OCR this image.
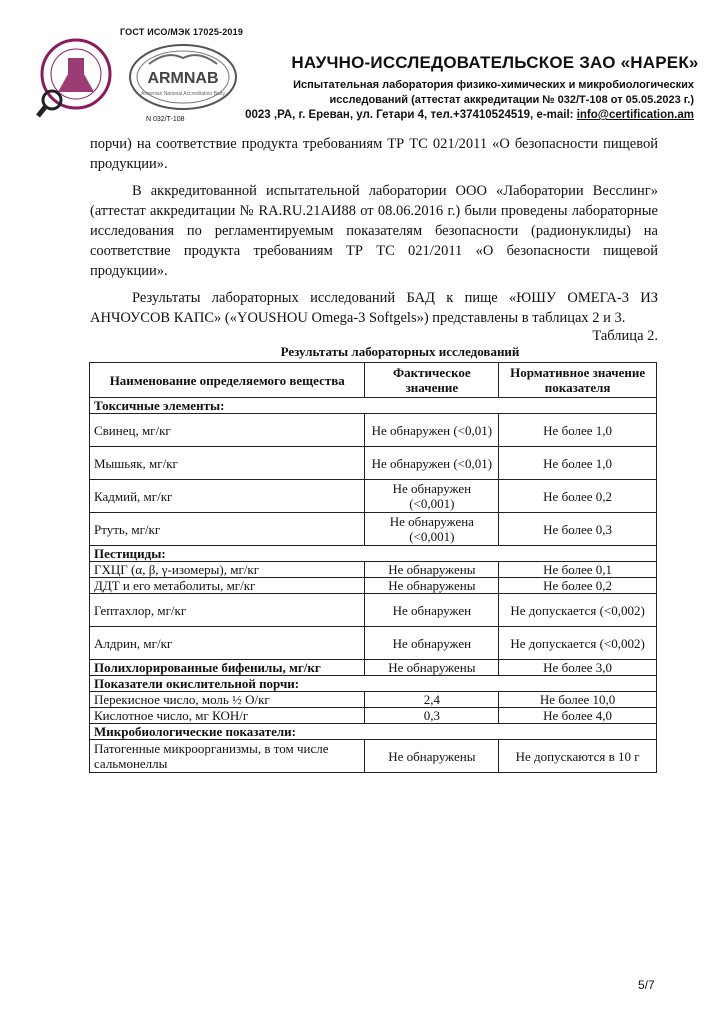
ГОСТ ИСО/МЭК 17025-2019
ARMNAB
Armenian National Accreditation Body
N 032/T-108
НАУЧНО-ИССЛЕДОВАТЕЛЬСКОЕ ЗАО «НАРЕК»
Испытательная лаборатория физико-химических и микробиологических
исследований (аттестат аккредитации № 032/Т-108 от 05.05.2023 г.)
0023 ,РА, г. Ереван, ул. Гетари 4, тел.+37410524519, e-mail: info@certification.am

порчи) на соответствие продукта требованиям ТР ТС 021/2011 «О безопасности пищевой продукции».

В аккредитованной испытательной лаборатории ООО «Лаборатории Весслинг» (аттестат аккредитации № RA.RU.21АИ88 от 08.06.2016 г.) были проведены лабораторные исследования по регламентируемым показателям безопасности (радионуклиды) на соответствие продукта требованиям ТР ТС 021/2011 «О безопасности пищевой продукции».

Результаты лабораторных исследований БАД к пище «ЮШУ ОМЕГА-3 ИЗ АНЧОУСОВ КАПС» («YOUSHOU Omega-3 Softgels») представлены в таблицах 2 и 3.

Таблица 2.
Результаты лабораторных исследований
Наименование определяемого вещества	Фактическое значение	Нормативное значение показателя
Токсичные элементы:		
Свинец, мг/кг	Не обнаружен (<0,01)	Не более 1,0
Мышьяк, мг/кг	Не обнаружен (<0,01)	Не более 1,0
Кадмий, мг/кг	Не обнаружен (<0,001)	Не более 0,2
Ртуть, мг/кг	Не обнаружена (<0,001)	Не более 0,3
Пестициды:		
ГХЦГ (α, β, γ-изомеры), мг/кг	Не обнаружены	Не более 0,1
ДДТ и его метаболиты, мг/кг	Не обнаружены	Не более 0,2
Гептахлор, мг/кг	Не обнаружен	Не допускается (<0,002)
Алдрин, мг/кг	Не обнаружен	Не допускается (<0,002)
Полихлорированные бифенилы, мг/кг	Не обнаружены	Не более 3,0
Показатели окислительной порчи:		
Перекисное число, моль ½ О/кг	2,4	Не более 10,0
Кислотное число, мг КОН/г	0,3	Не более 4,0
Микробиологические показатели:		
Патогенные микроорганизмы, в том числе сальмонеллы	Не обнаружены	Не допускаются в 10 г
5/7
